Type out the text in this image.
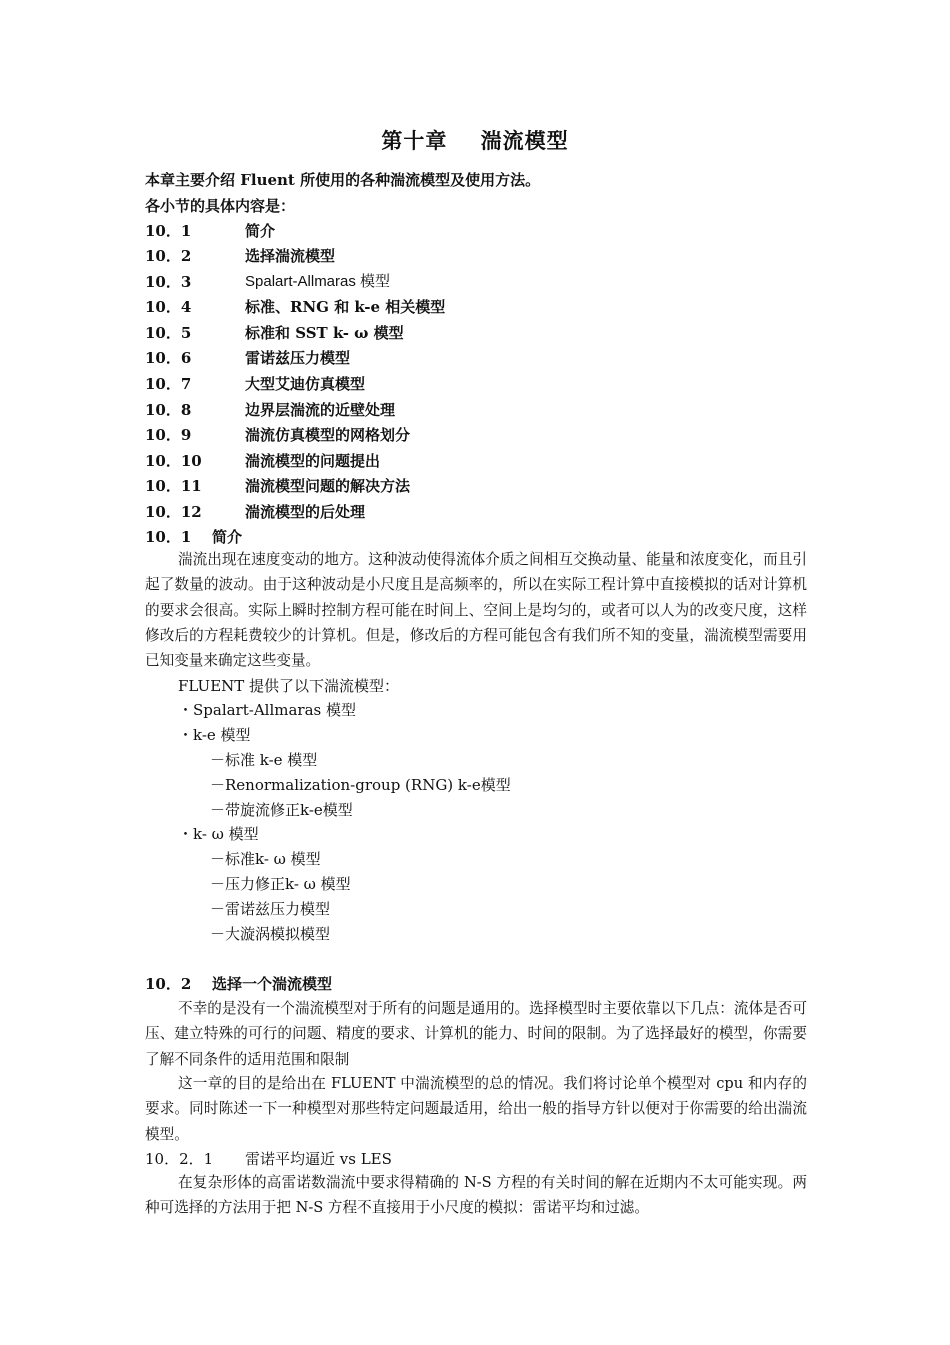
第十章    湍流模型
本章主要介绍 Fluent 所使用的各种湍流模型及使用方法。
各小节的具体内容是：
10．1	简介
10．2	选择湍流模型
10．3	Spalart-Allmaras 模型
10．4	标准、RNG 和 k-e 相关模型
10．5	标准和 SST k- ω 模型
10．6	雷诺兹压力模型
10．7	大型艾迪仿真模型
10．8	边界层湍流的近壁处理
10．9	湍流仿真模型的网格划分
10．10	湍流模型的问题提出
10．11	湍流模型问题的解决方法
10．12	湍流模型的后处理
10．1 简介

湍流出现在速度变动的地方。这种波动使得流体介质之间相互交换动量、能量和浓度变化，而且引起了数量的波动。由于这种波动是小尺度且是高频率的，所以在实际工程计算中直接模拟的话对计算机的要求会很高。实际上瞬时控制方程可能在时间上、空间上是均匀的，或者可以人为的改变尺度，这样修改后的方程耗费较少的计算机。但是，修改后的方程可能包含有我们所不知的变量，湍流模型需要用已知变量来确定这些变量。

FLUENT 提供了以下湍流模型：
・Spalart-Allmaras 模型
・k-e 模型
－标准 k-e 模型
－Renormalization-group (RNG) k-e模型
－带旋流修正k-e模型
・k- ω 模型
－标准k- ω 模型
－压力修正k- ω 模型
－雷诺兹压力模型
－大漩涡模拟模型
10．2 选择一个湍流模型

不幸的是没有一个湍流模型对于所有的问题是通用的。选择模型时主要依靠以下几点：流体是否可压、建立特殊的可行的问题、精度的要求、计算机的能力、时间的限制。为了选择最好的模型，你需要了解不同条件的适用范围和限制

这一章的目的是给出在 FLUENT 中湍流模型的总的情况。我们将讨论单个模型对 cpu 和内存的要求。同时陈述一下一种模型对那些特定问题最适用，给出一般的指导方针以便对于你需要的给出湍流模型。

10．2．1 雷诺平均逼近 vs LES

在复杂形体的高雷诺数湍流中要求得精确的 N-S 方程的有关时间的解在近期内不太可能实现。两种可选择的方法用于把 N-S 方程不直接用于小尺度的模拟：雷诺平均和过滤。
